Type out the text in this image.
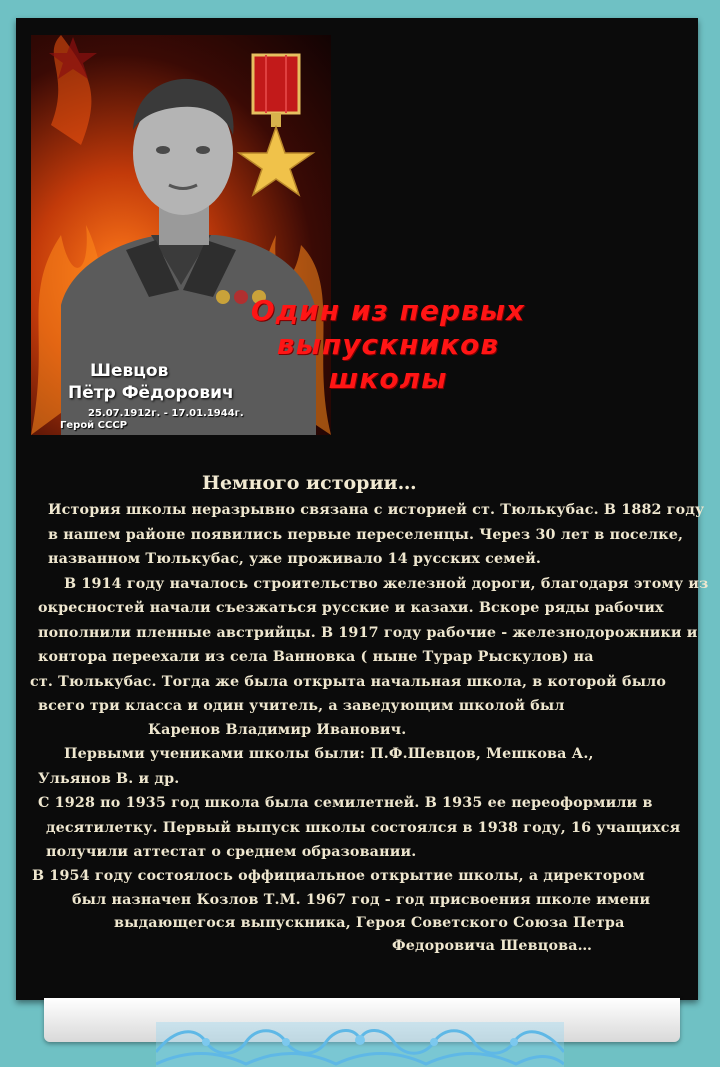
Шевцов
Пётр Фёдорович
25.07.1912г. - 17.01.1944г.
Герой СССР
Один из первых
выпускников
школы
Немного истории…
История школы неразрывно связана с историей ст. Тюлькубас. В 1882 году
в нашем районе появились первые переселенцы. Через 30 лет в поселке,
названном Тюлькубас, уже проживало 14 русских семей.
В 1914 году началось строительство железной дороги, благодаря этому из
окресностей начали съезжаться русские и казахи. Вскоре ряды рабочих
пополнили пленные австрийцы. В 1917 году рабочие - железнодорожники и
контора переехали из села Ванновка ( ныне Турар Рыскулов) на
ст. Тюлькубас. Тогда же была открыта начальная школа, в которой было
всего три класса и один учитель, а заведующим школой был
Каренов Владимир Иванович.
Первыми учениками школы были: П.Ф.Шевцов, Мешкова А.,
Ульянов В. и др.
С 1928 по 1935 год школа была семилетней. В 1935 ее переоформили в
десятилетку. Первый выпуск школы состоялся в 1938 году, 16 учащихся
получили аттестат о среднем образовании.
В 1954 году состоялось оффициальное открытие школы, а директором
был назначен Козлов Т.М. 1967 год - год присвоения школе имени
выдающегося выпускника, Героя Советского Союза Петра
Федоровича Шевцова…
